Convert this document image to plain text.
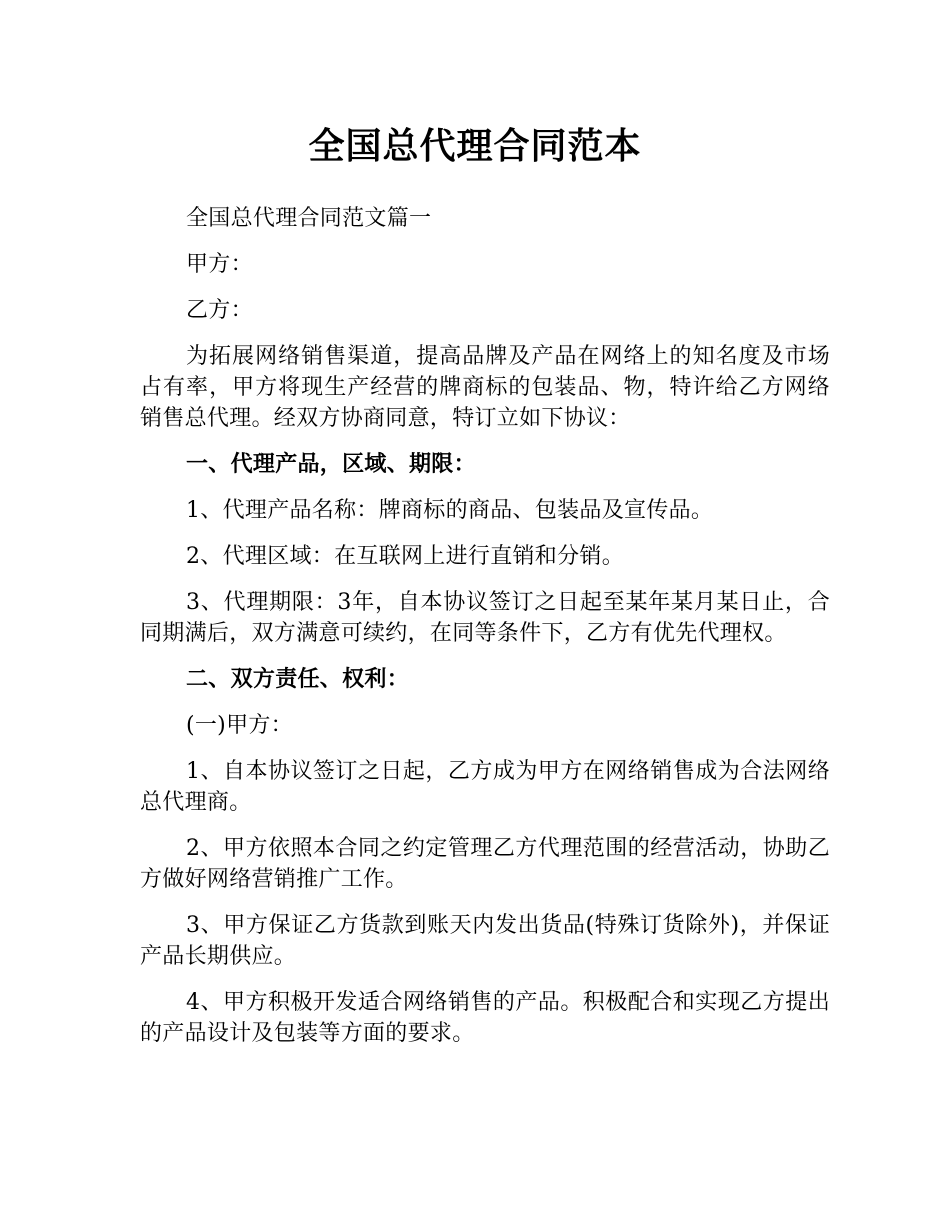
全国总代理合同范本

全国总代理合同范文篇一

甲方：

乙方：

为拓展网络销售渠道，提高品牌及产品在网络上的知名度及市场占有率，甲方将现生产经营的牌商标的包装品、物，特许给乙方网络销售总代理。经双方协商同意，特订立如下协议：

一、代理产品，区域、期限：

1、代理产品名称：牌商标的商品、包装品及宣传品。

2、代理区域：在互联网上进行直销和分销。

3、代理期限：3年，自本协议签订之日起至某年某月某日止，合同期满后，双方满意可续约，在同等条件下，乙方有优先代理权。

二、双方责任、权利：

(一)甲方：

1、自本协议签订之日起，乙方成为甲方在网络销售成为合法网络总代理商。

2、甲方依照本合同之约定管理乙方代理范围的经营活动，协助乙方做好网络营销推广工作。

3、甲方保证乙方货款到账天内发出货品(特殊订货除外)，并保证产品长期供应。

4、甲方积极开发适合网络销售的产品。积极配合和实现乙方提出的产品设计及包装等方面的要求。
